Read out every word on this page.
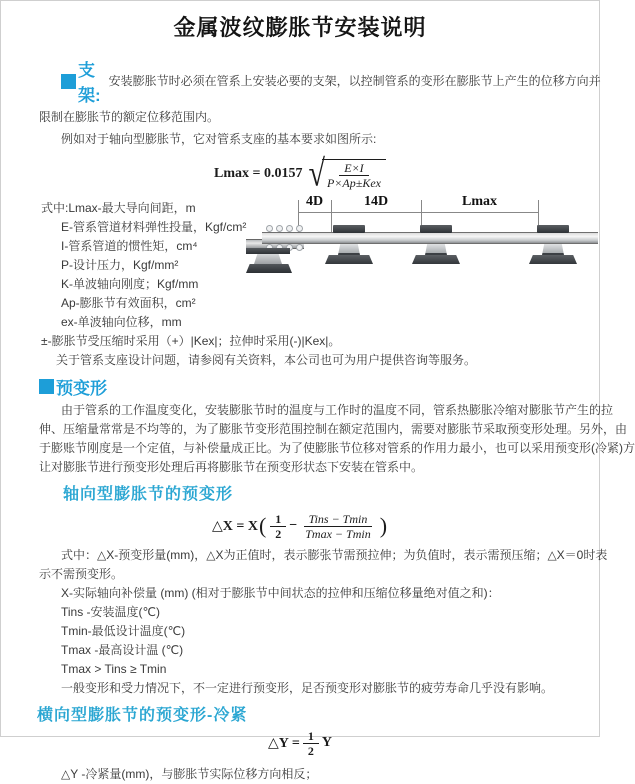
金属波纹膨胀节安装说明
支架:
安装膨胀节时必须在管系上安装必要的支架，以控制管系的变形在膨胀节上产生的位移方向并
限制在膨胀节的额定位移范围内。
例如对于轴向型膨胀节，它对管系支座的基本要求如图所示:
Lmax = 0.0157 √
$\frac{E\times I}{\text{P×Ap±Kex}}$
式中:Lmax-最大导向间距，m
E-管系管道材料弹性投量，Kgf/cm²
I-管系管道的惯性矩，cm⁴
P-设计压力，Kgf/mm²
K-单波轴向刚度；Kgf/mm
Ap-膨胀节有效面积，cm²
ex-单波轴向位移，mm
±-膨胀节受压缩时采用（+）|Kex|；拉伸时采用(-)|Kex|。
关于管系支座设计问题，请参阅有关资料，本公司也可为用户提供咨询等服务。
4D	14D	Lmax
预变形
由于管系的工作温度变化，安装膨胀节时的温度与工作时的温度不同，管系热膨胀冷缩对膨胀节产生的拉
伸、压缩量常常是不均等的，为了膨胀节变形范围控制在额定范围内，需要对膨胀节采取预变形处理。另外，由
于膨账节刚度是一个定值，与补偿量成正比。为了使膨胀节位移对管系的作用力最小，也可以采用预变形(冷紧)方
让对膨胀节进行预变形处理后再将膨胀节在预变形状态下安装在管系中。
轴向型膨胀节的预变形
△X = X ( $\frac{1}{2} - \frac{\text{Tins − Tmin}}{Tmax - Tmin}$ )
式中：△X-预变形量(mm)，△X为正值时，表示膨张节需预拉伸；为负值时，表示需预压缩；△X＝0时表
示不需预变形。
X-实际轴向补偿量 (mm) (相对于膨胀节中间状态的拉伸和压缩位移量绝对值之和)：
Tins -安装温度(℃)
Tmin-最低设计温度(℃)
Tmax -最高设计温 (℃)
Tmax > Tins ≥ Tmin
一般变形和受力情况下，不一定进行预变形，足否预变形对膨胀节的疲劳寿命几乎没有影响。
横向型膨胀节的预变形-冷紧
△Y = $\frac{1}{2}$ Y
△Y -冷紧量(mm)，与膨胀节实际位移方向相反；
